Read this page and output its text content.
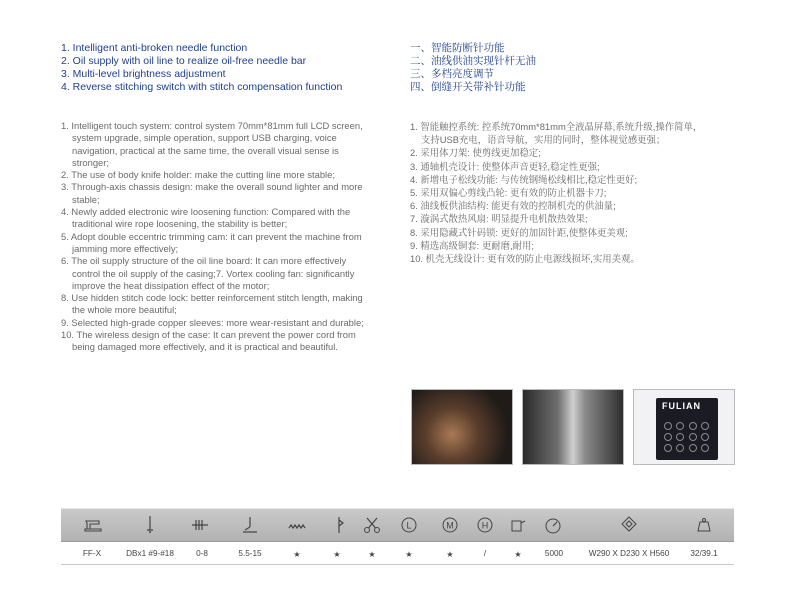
1. Intelligent anti-broken needle function
2. Oil supply with oil line to realize oil-free needle bar
3. Multi-level brightness adjustment
4. Reverse stitching switch with stitch compensation function
一、智能防断针功能
二、油线供油实现针杆无油
三、多档亮度调节
四、倒缝开关带补针功能
1. Intelligent touch system: control system 70mm*81mm full LCD screen,
system upgrade, simple operation, support USB charging, voice
navigation, practical at the same time, the overall visual sense is
stronger;
2. The use of body knife holder: make the cutting line more stable;
3. Through-axis chassis design: make the overall sound lighter and more
stable;
4. Newly added electronic wire loosening function: Compared with the
traditional wire rope loosening, the stability is better;
5. Adopt double eccentric trimming cam: it can prevent the machine from
jamming more effectively;
6. The oil supply structure of the oil line board: It can more effectively
control the oil supply of the casing;7. Vortex cooling fan: significantly
improve the heat dissipation effect of the motor;
8. Use hidden stitch code lock: better reinforcement stitch length, making
the whole more beautiful;
9. Selected high-grade copper sleeves: more wear-resistant and durable;
10. The wireless design of the case: It can prevent the power cord from
being damaged more effectively, and it is practical and beautiful.
1. 智能触控系统: 控系统70mm*81mm全液晶屏幕,系统升级,操作简单，
支持USB充电，语音导航，实用的同时，整体视觉感更强；
2. 采用体刀架: 使剪线更加稳定;
3. 通轴机壳设计: 使整体声音更轻,稳定性更强;
4. 新增电子松线功能: 与传统钢绳松线相比,稳定性更好;
5. 采用双偏心剪线凸轮: 更有效的防止机器卡刀;
6. 油线板供油结构: 能更有效的控制机壳的供油量;
7. 漩涡式散热风扇: 明显提升电机散热效果;
8. 采用隐藏式针码锁: 更好的加固针距,使整体更美观;
9. 精选高级铜套: 更耐磨,耐用;
10. 机壳无线设计: 更有效的防止电源线损坏,实用美观。
FULIAN
L	M	H
FF-X	DBx1 #9-#18	0-8	5.5-15	★	★	★	★	★	/	★	5000	W290 X D230 X H560	32/39.1
